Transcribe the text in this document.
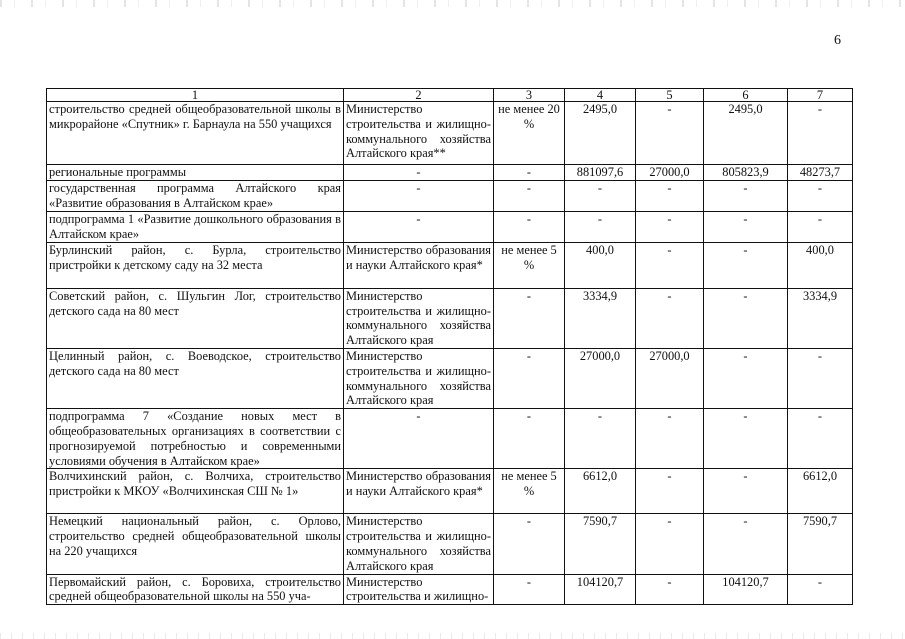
6
1	2	3	4	5	6	7
строительство средней общеобразовательной школы в микрорайоне «Спутник» г. Барнаула на 550 учащихся	Министерство строительства и жилищно-коммунального хозяйства Алтайского края**	не менее 20 %	2495,0	-	2495,0	-
региональные программы	-	-	881097,6	27000,0	805823,9	48273,7
государственная программа Алтайского края «Развитие образования в Алтайском крае»	-	-	-	-	-	-
подпрограмма 1 «Развитие дошкольного образования в Алтайском крае»	-	-	-	-	-	-
Бурлинский район, с. Бурла, строительство пристройки к детскому саду на 32 места	Министерство образования и науки Алтайского края*	не менее 5 %	400,0	-	-	400,0
Советский район, с. Шульгин Лог, строительство детского сада на 80 мест	Министерство строительства и жилищно-коммунального хозяйства Алтайского края	-	3334,9	-	-	3334,9
Целинный район, с. Воеводское, строительство детского сада на 80 мест	Министерство строительства и жилищно-коммунального хозяйства Алтайского края	-	27000,0	27000,0	-	-
подпрограмма 7 «Создание новых мест в общеобразовательных организациях в соответствии с прогнозируемой потребностью и современными условиями обучения в Алтайском крае»	-	-	-	-	-	-
Волчихинский район, с. Волчиха, строительство пристройки к МКОУ «Волчихинская СШ № 1»	Министерство образования и науки Алтайского края*	не менее 5 %	6612,0	-	-	6612,0
Немецкий национальный район, с. Орлово, строительство средней общеобразовательной школы на 220 учащихся	Министерство строительства и жилищно-коммунального хозяйства Алтайского края	-	7590,7	-	-	7590,7
Первомайский район, с. Боровиха, строительство средней общеобразовательной школы на 550 уча-	Министерство строительства и жилищно-	-	104120,7	-	104120,7	-
